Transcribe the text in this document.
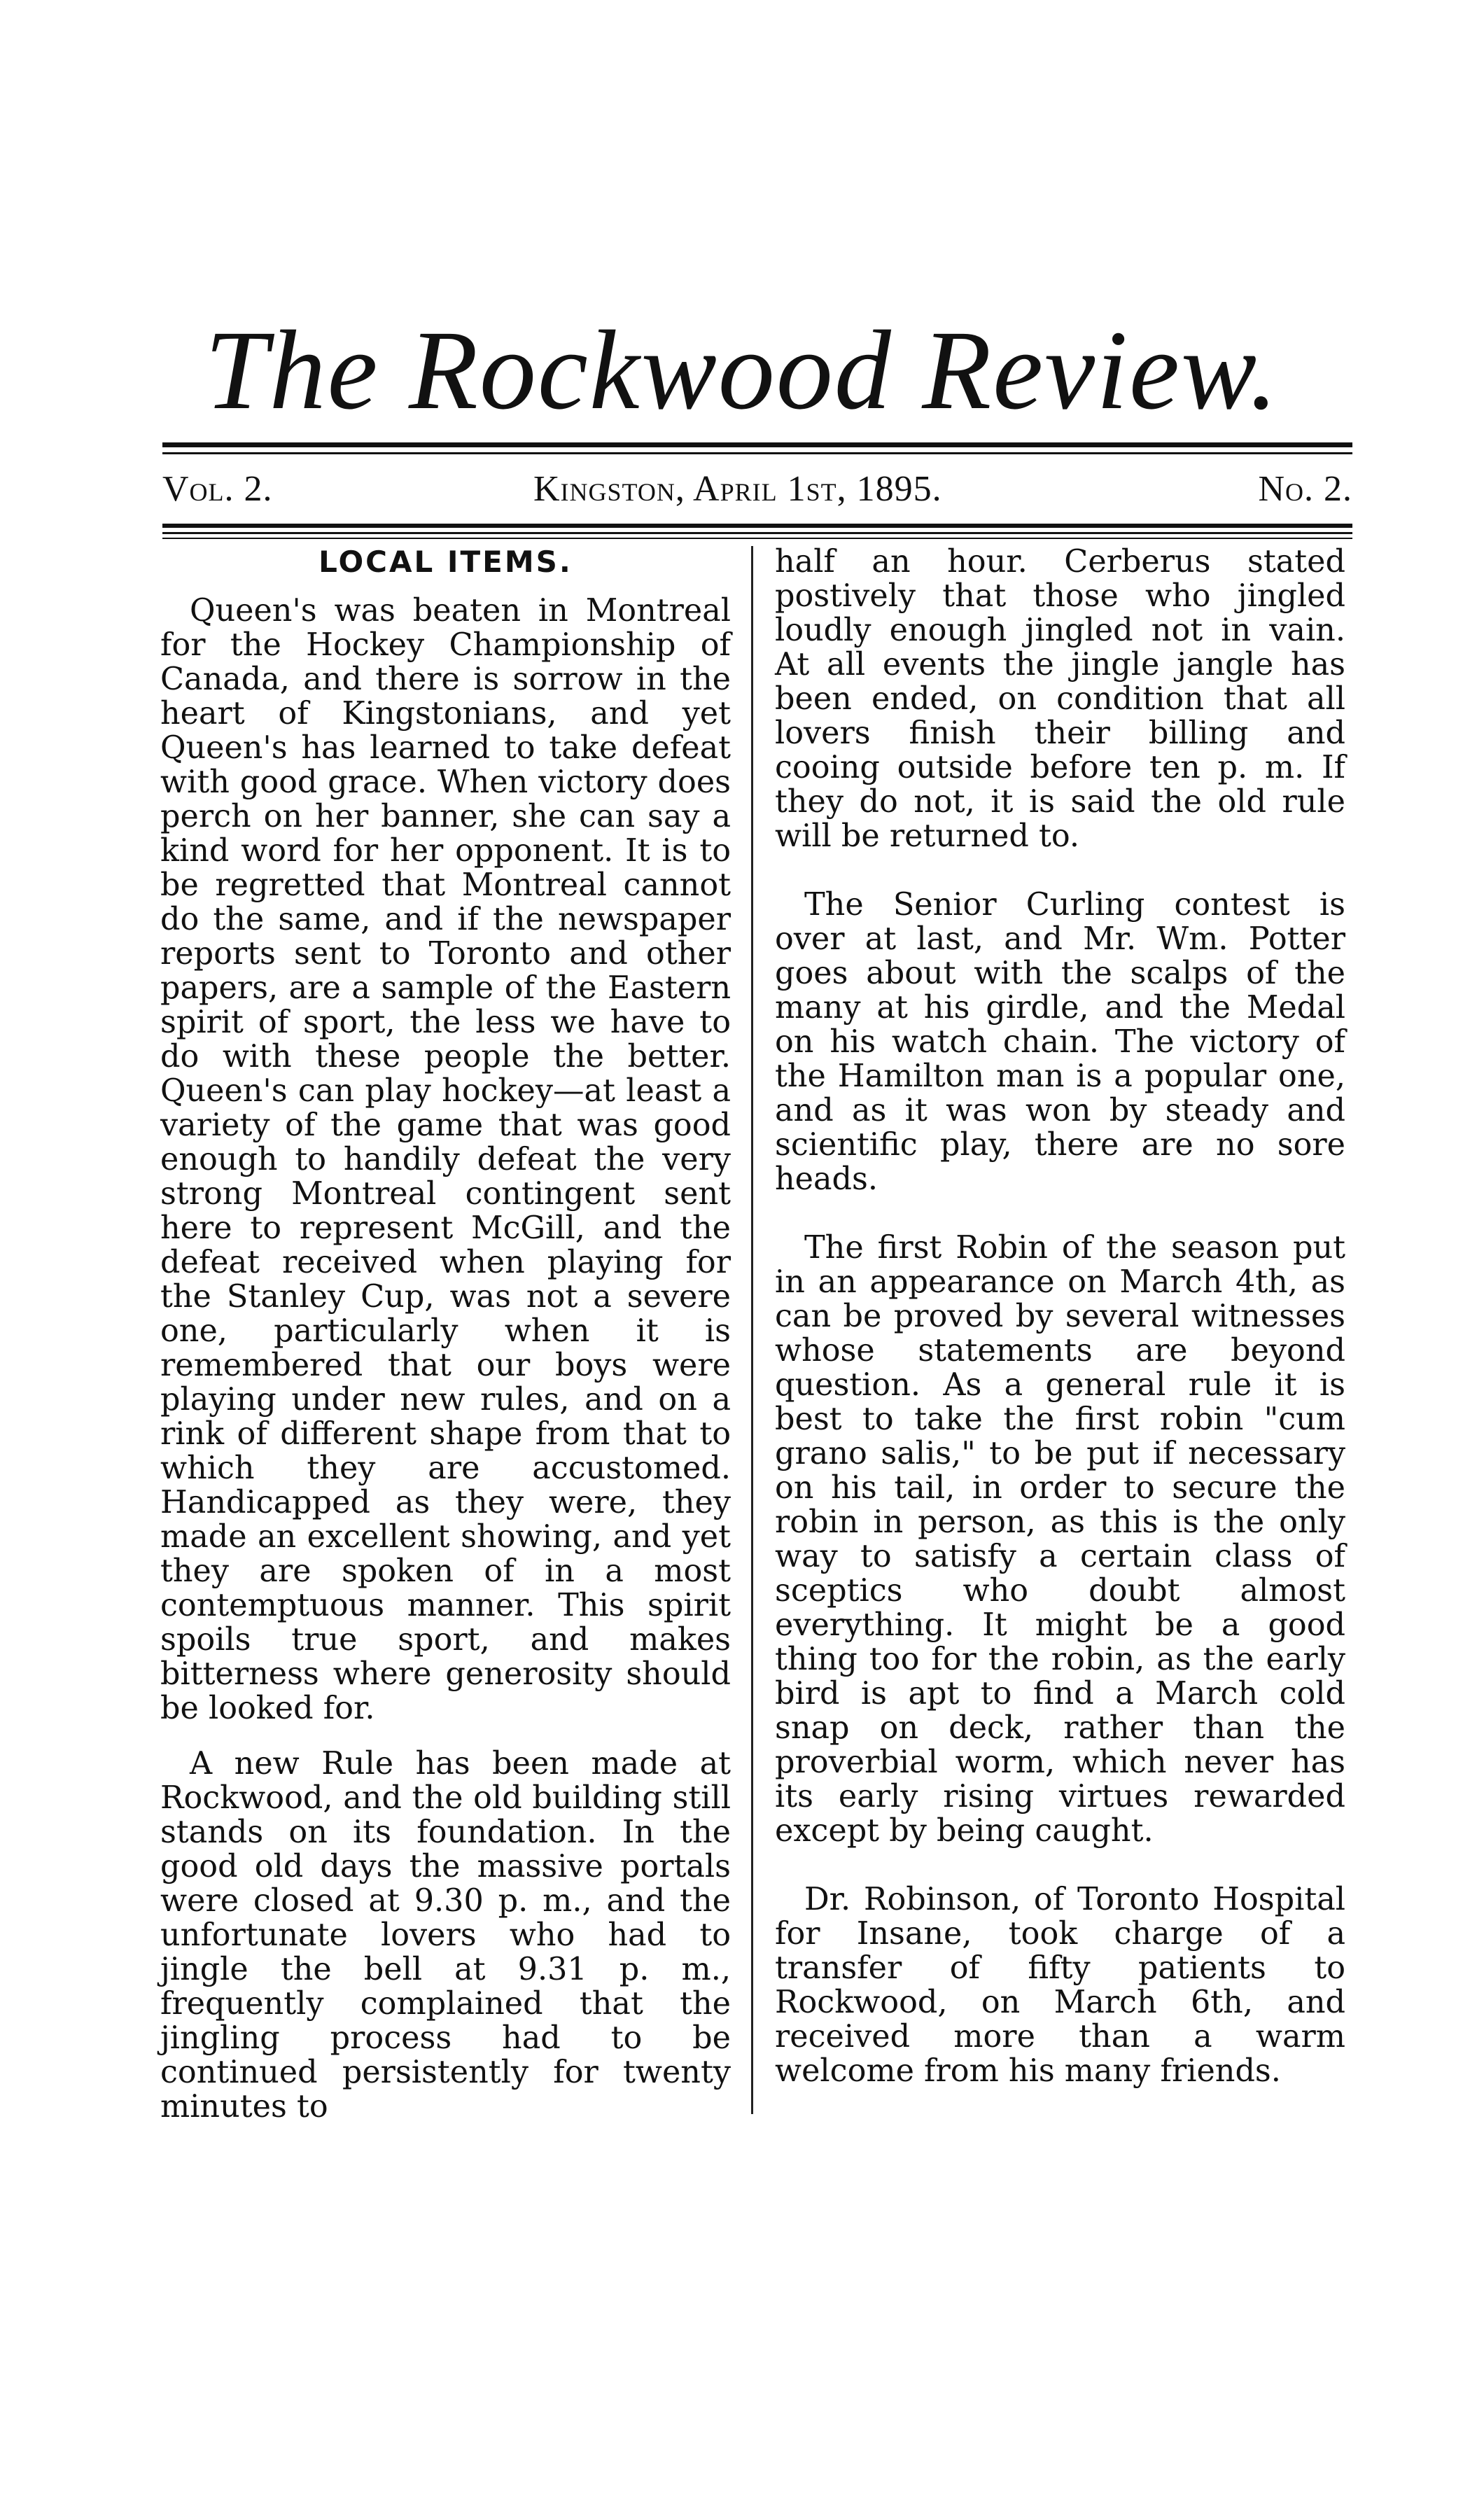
The Rockwood Review.
Vol. 2.	Kingston, April 1st, 1895.	No. 2.
LOCAL ITEMS.

Queen's was beaten in Montreal for the Hockey Championship of Canada, and there is sorrow in the heart of Kingstonians, and yet Queen's has learned to take defeat with good grace. When victory does perch on her banner, she can say a kind word for her opponent. It is to be regretted that Montreal cannot do the same, and if the newspaper reports sent to Toronto and other papers, are a sample of the Eastern spirit of sport, the less we have to do with these people the better. Queen's can play hockey—at least a variety of the game that was good enough to handily defeat the very strong Montreal contingent sent here to represent McGill, and the defeat received when playing for the Stanley Cup, was not a severe one, particularly when it is remembered that our boys were playing under new rules, and on a rink of different shape from that to which they are accustomed. Handicapped as they were, they made an excellent showing, and yet they are spoken of in a most contemptuous manner. This spirit spoils true sport, and makes bitterness where generosity should be looked for.

A new Rule has been made at Rockwood, and the old building still stands on its foundation. In the good old days the massive portals were closed at 9.30 p. m., and the unfortunate lovers who had to jingle the bell at 9.31 p. m., frequently complained that the jingling process had to be continued persistently for twenty minutes to

half an hour. Cerberus stated postively that those who jingled loudly enough jingled not in vain. At all events the jingle jangle has been ended, on condition that all lovers finish their billing and cooing outside before ten p. m. If they do not, it is said the old rule will be returned to.

The Senior Curling contest is over at last, and Mr. Wm. Potter goes about with the scalps of the many at his girdle, and the Medal on his watch chain. The victory of the Hamilton man is a popular one, and as it was won by steady and scientific play, there are no sore heads.

The first Robin of the season put in an appearance on March 4th, as can be proved by several witnesses whose statements are beyond question. As a general rule it is best to take the first robin "cum grano salis," to be put if necessary on his tail, in order to secure the robin in person, as this is the only way to satisfy a certain class of sceptics who doubt almost everything. It might be a good thing too for the robin, as the early bird is apt to find a March cold snap on deck, rather than the proverbial worm, which never has its early rising virtues rewarded except by being caught.

Dr. Robinson, of Toronto Hospital for Insane, took charge of a transfer of fifty patients to Rockwood, on March 6th, and received more than a warm welcome from his many friends.
